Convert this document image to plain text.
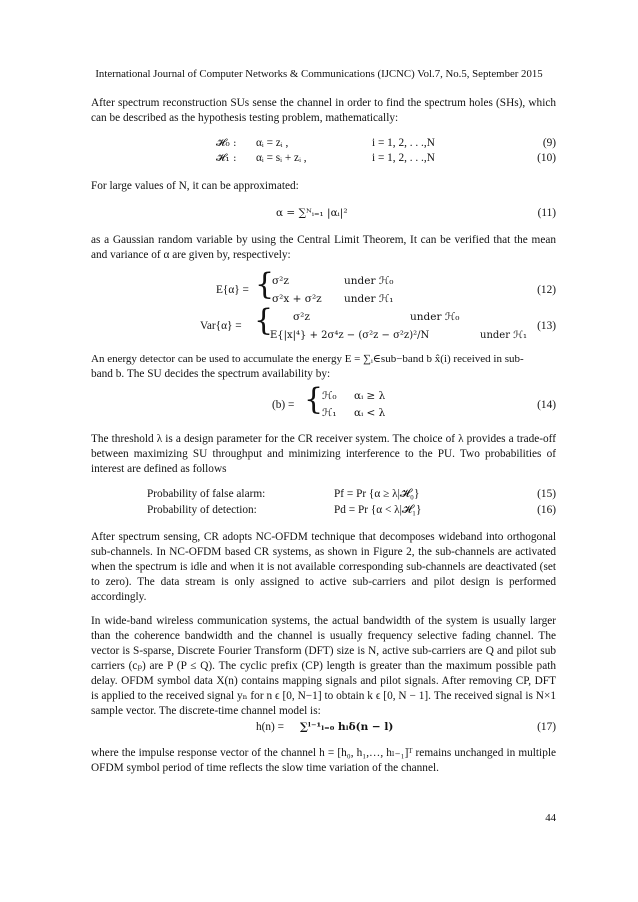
International Journal of Computer Networks & Communications (IJCNC) Vol.7, No.5, September 2015
After spectrum reconstruction SUs sense the channel in order to find the spectrum holes (SHs), which can be described as the hypothesis testing problem, mathematically:
𝓗₀ : αᵢ = zᵢ ,	i = 1, 2, . . .,N	(9)
𝓗₁ : αᵢ = sᵢ + zᵢ ,	i = 1, 2, . . .,N	(10)
For large values of N, it can be approximated:
α = ∑ᴺᵢ₌₁ |αᵢ|²	(11)
as a Gaussian random variable by using the Central Limit Theorem, It can be verified that the mean and variance of α are given by, respectively:
E{α} = {
σ²z	under ℋ₀
σ²x + σ²z under ℋ₁
(12)
Var{α} = { σ²z	under ℋ₀
E{|x|⁴} + 2σ⁴z − (σ²z − σ²z)²/N	under ℋ₁
(13)
An energy detector can be used to accumulate the energy E = ∑ᵢ∈sub−band b x̂(i) received in sub-
band b. The SU decides the spectrum availability by:
(b) = {
ℋ₀ αᵢ ≥ λ
ℋ₁ αᵢ < λ
(14)
The threshold λ is a design parameter for the CR receiver system. The choice of λ provides a trade-off between maximizing SU throughput and minimizing interference to the PU. Two probabilities of interest are defined as follows
Probability of false alarm:	Pf = Pr {α ≥ λ|𝓗₀}	(15)
Probability of detection:	Pd = Pr {α < λ|𝓗₁}	(16)
After spectrum sensing, CR adopts NC-OFDM technique that decomposes wideband into orthogonal sub-channels. In NC-OFDM based CR systems, as shown in Figure 2, the sub-channels are activated when the spectrum is idle and when it is not available corresponding sub-channels are deactivated (set to zero). The data stream is only assigned to active sub-carriers and pilot design is performed accordingly.
In wide-band wireless communication systems, the actual bandwidth of the system is usually larger than the coherence bandwidth and the channel is usually frequency selective fading channel. The vector is S-sparse, Discrete Fourier Transform (DFT) size is N, active sub-carriers are Q and pilot sub carriers (cₚ) are P (P ≤ Q). The cyclic prefix (CP) length is greater than the maximum possible path delay. OFDM symbol data X(n) contains mapping signals and pilot signals. After removing CP, DFT is applied to the received signal yₙ for n ϵ [0, N−1] to obtain k ϵ [0, N − 1]. The received signal is N×1 sample vector. The discrete-time channel model is:
h(n) = ∑ˡ⁻¹ₗ₌₀ hₗδ(n − l)	(17)
where the impulse response vector of the channel h = [h₀, h₁,…, hₗ₋₁]ᵀ remains unchanged in multiple OFDM symbol period of time reflects the slow time variation of the channel.
44
